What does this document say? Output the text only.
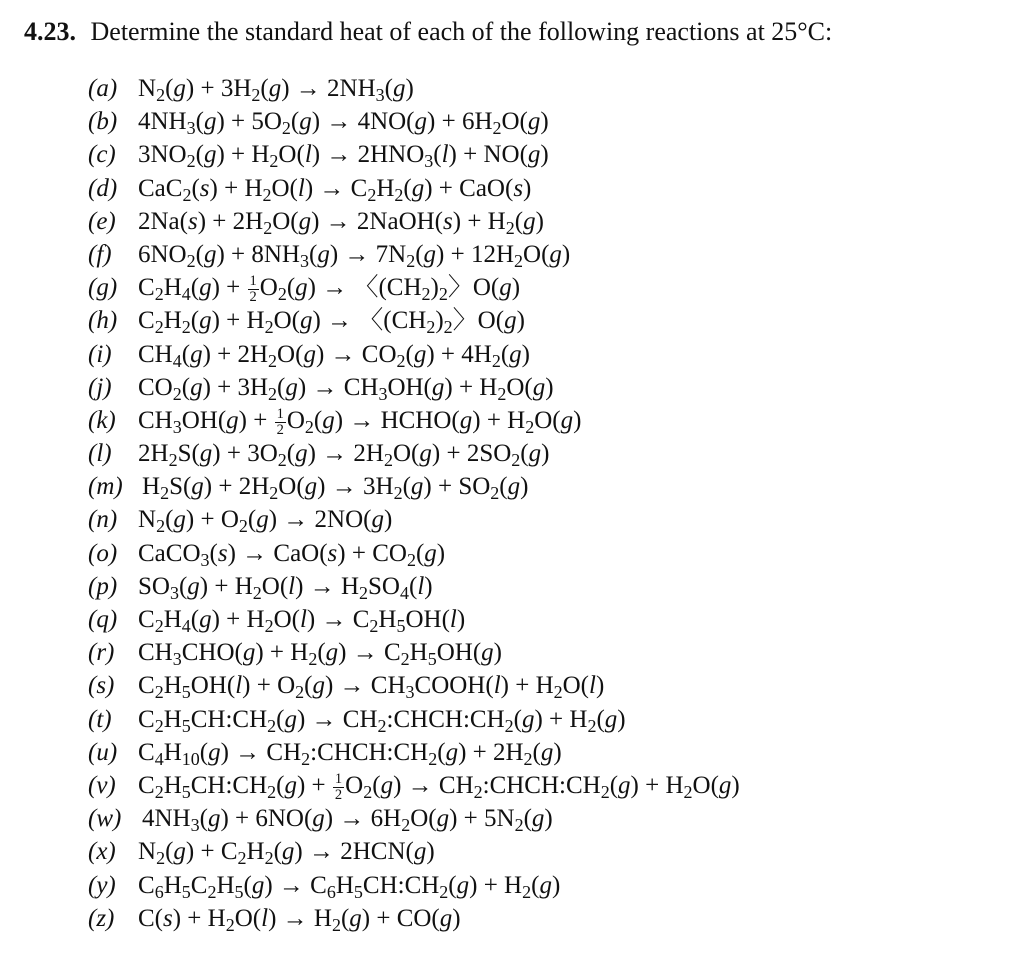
4.23. Determine the standard heat of each of the following reactions at 25°C:
(a) $N_2(g) + 3H_2(g) \to 2NH_3(g)$
(b) $4NH_3(g) + 5O_2(g) \to 4NO(g) + 6H_2O(g)$
(c) $3NO_2(g) + H_2O(l) \to 2HNO_3(l) + NO(g)$
(d) $CaC_2(s) + H_2O(l) \to C_2H_2(g) + CaO(s)$
(e) $2Na(s) + 2H_2O(g)$ → 2NaOH(s) + $H_2(g)$
(f) $6NO_2(g) + 8NH_3(g) \to 7N_2(g) + 12H_2O(g)$
(g) $C_2H_4(g) + \frac{1}{2} O_2(g)$ → 〈$(CH_2)_2$〉O(g)
(h) $C_2H_2(g) + H_2O(g)$ → 〈$(CH_2)_2$〉O(g)
(i) $CH_4(g) + 2H_2O(g) \to CO_2(g) + 4H_2(g)$
(j) $CO_2(g) + 3H_2(g) \to CH_3OH(g) + H_2O(g)$
(k) $CH_3OH(g) + \frac{1}{2} O_2(g)$ → HCHO(g) + $H_2O(g)$
(l) $2H_2S(g) + 3O_2(g) \to 2H_2O(g) + 2SO_2(g)$
(m) $H_2S(g) + 2H_2O(g) \to 3H_2(g) + SO_2(g)$
(n) $N_2(g) + O_2(g) \to 2NO(g)$
(o) CaCO$_3$(s) → $CaO(s) + CO_2(g)$
(p) $SO_3(g) + H_2O(l) \to H_2SO_4(l)$
(q) $C_2H_4(g) + H_2O(l) \to C_2H_5OH(l)$
(r) $CH_3CHO(g) + H_2(g) \to C_2H_5OH(g)$
(s) $C_2H_5OH(l) + O_2(g)$ → $CH_3COOH(l) + H_2O(l)$
(t) $C_2H_5CH:CH_2(g)$ → $CH_2:CHCH:CH_2(g) + H_2(g)$
(u) $C_4H_{10}(g)$ → $CH_2:CHCH:CH_2(g) + 2H_2(g)$
(v) $C_2H_5CH:CH_2(g) + \frac{1}{2} O_2(g)$ → $CH_2:CHCH:CH_2(g) + H_2O(g)$
(w) $4NH_3(g) + 6NO(g) \to 6H_2O(g) + 5N_2(g)$
(x) $N_2(g) + C_2H_2(g) \to 2HCN(g)$
(y) $C_6H_5C_2H_5(g)$ → $C_6H_5CH:CH_2(g) + H_2(g)$
(z) $C(s) + H_2O(l) \to H_2(g) + CO(g)$
